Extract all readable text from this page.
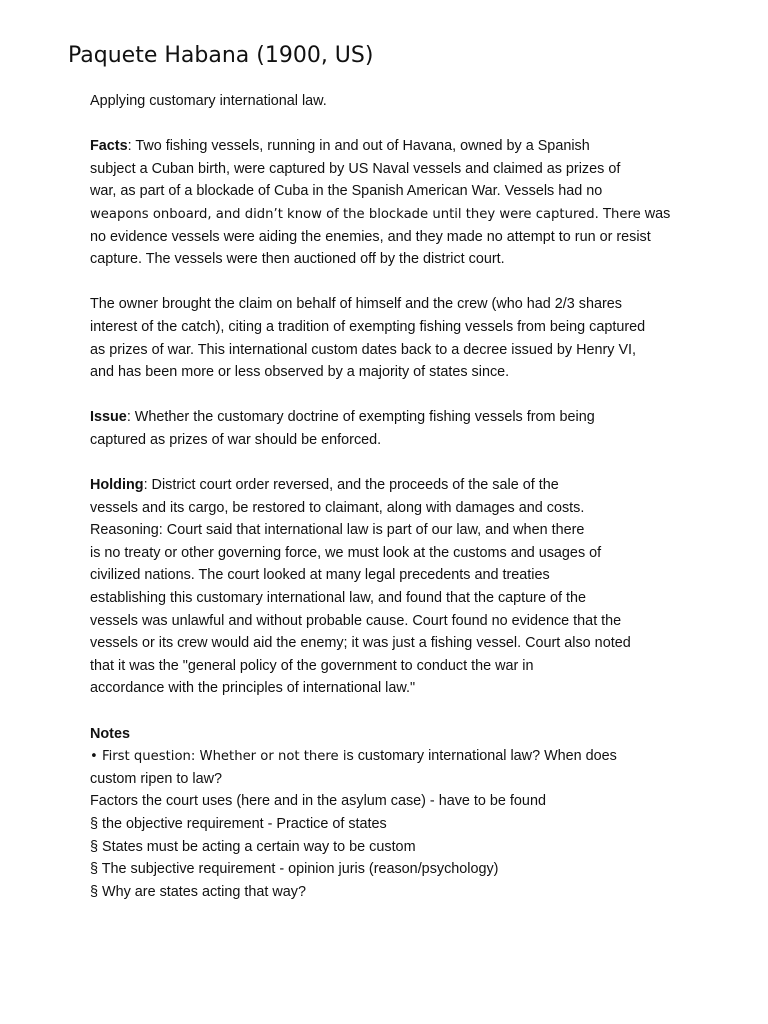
Paquete Habana (1900, US)
Applying customary international law.
Facts: Two fishing vessels, running in and out of Havana, owned by a Spanish
subject a Cuban birth, were captured by US Naval vessels and claimed as prizes of
war, as part of a blockade of Cuba in the Spanish American War. Vessels had no
weapons onboard, and didn’t know of the blockade until they were captured. There was
no evidence vessels were aiding the enemies, and they made no attempt to run or resist
capture. The vessels were then auctioned off by the district court.
The owner brought the claim on behalf of himself and the crew (who had 2/3 shares
interest of the catch), citing a tradition of exempting fishing vessels from being captured
as prizes of war. This international custom dates back to a decree issued by Henry VI,
and has been more or less observed by a majority of states since.
Issue: Whether the customary doctrine of exempting fishing vessels from being
captured as prizes of war should be enforced.
Holding: District court order reversed, and the proceeds of the sale of the
vessels and its cargo, be restored to claimant, along with damages and costs.
Reasoning: Court said that international law is part of our law, and when there
is no treaty or other governing force, we must look at the customs and usages of
civilized nations. The court looked at many legal precedents and treaties
establishing this customary international law, and found that the capture of the
vessels was unlawful and without probable cause. Court found no evidence that the
vessels or its crew would aid the enemy; it was just a fishing vessel. Court also noted
that it was the "general policy of the government to conduct the war in
accordance with the principles of international law."
Notes
• First question: Whether or not there is customary international law? When does
custom ripen to law?
Factors the court uses (here and in the asylum case) - have to be found
§ the objective requirement - Practice of states
§ States must be acting a certain way to be custom
§ The subjective requirement - opinion juris (reason/psychology)
§ Why are states acting that way?
